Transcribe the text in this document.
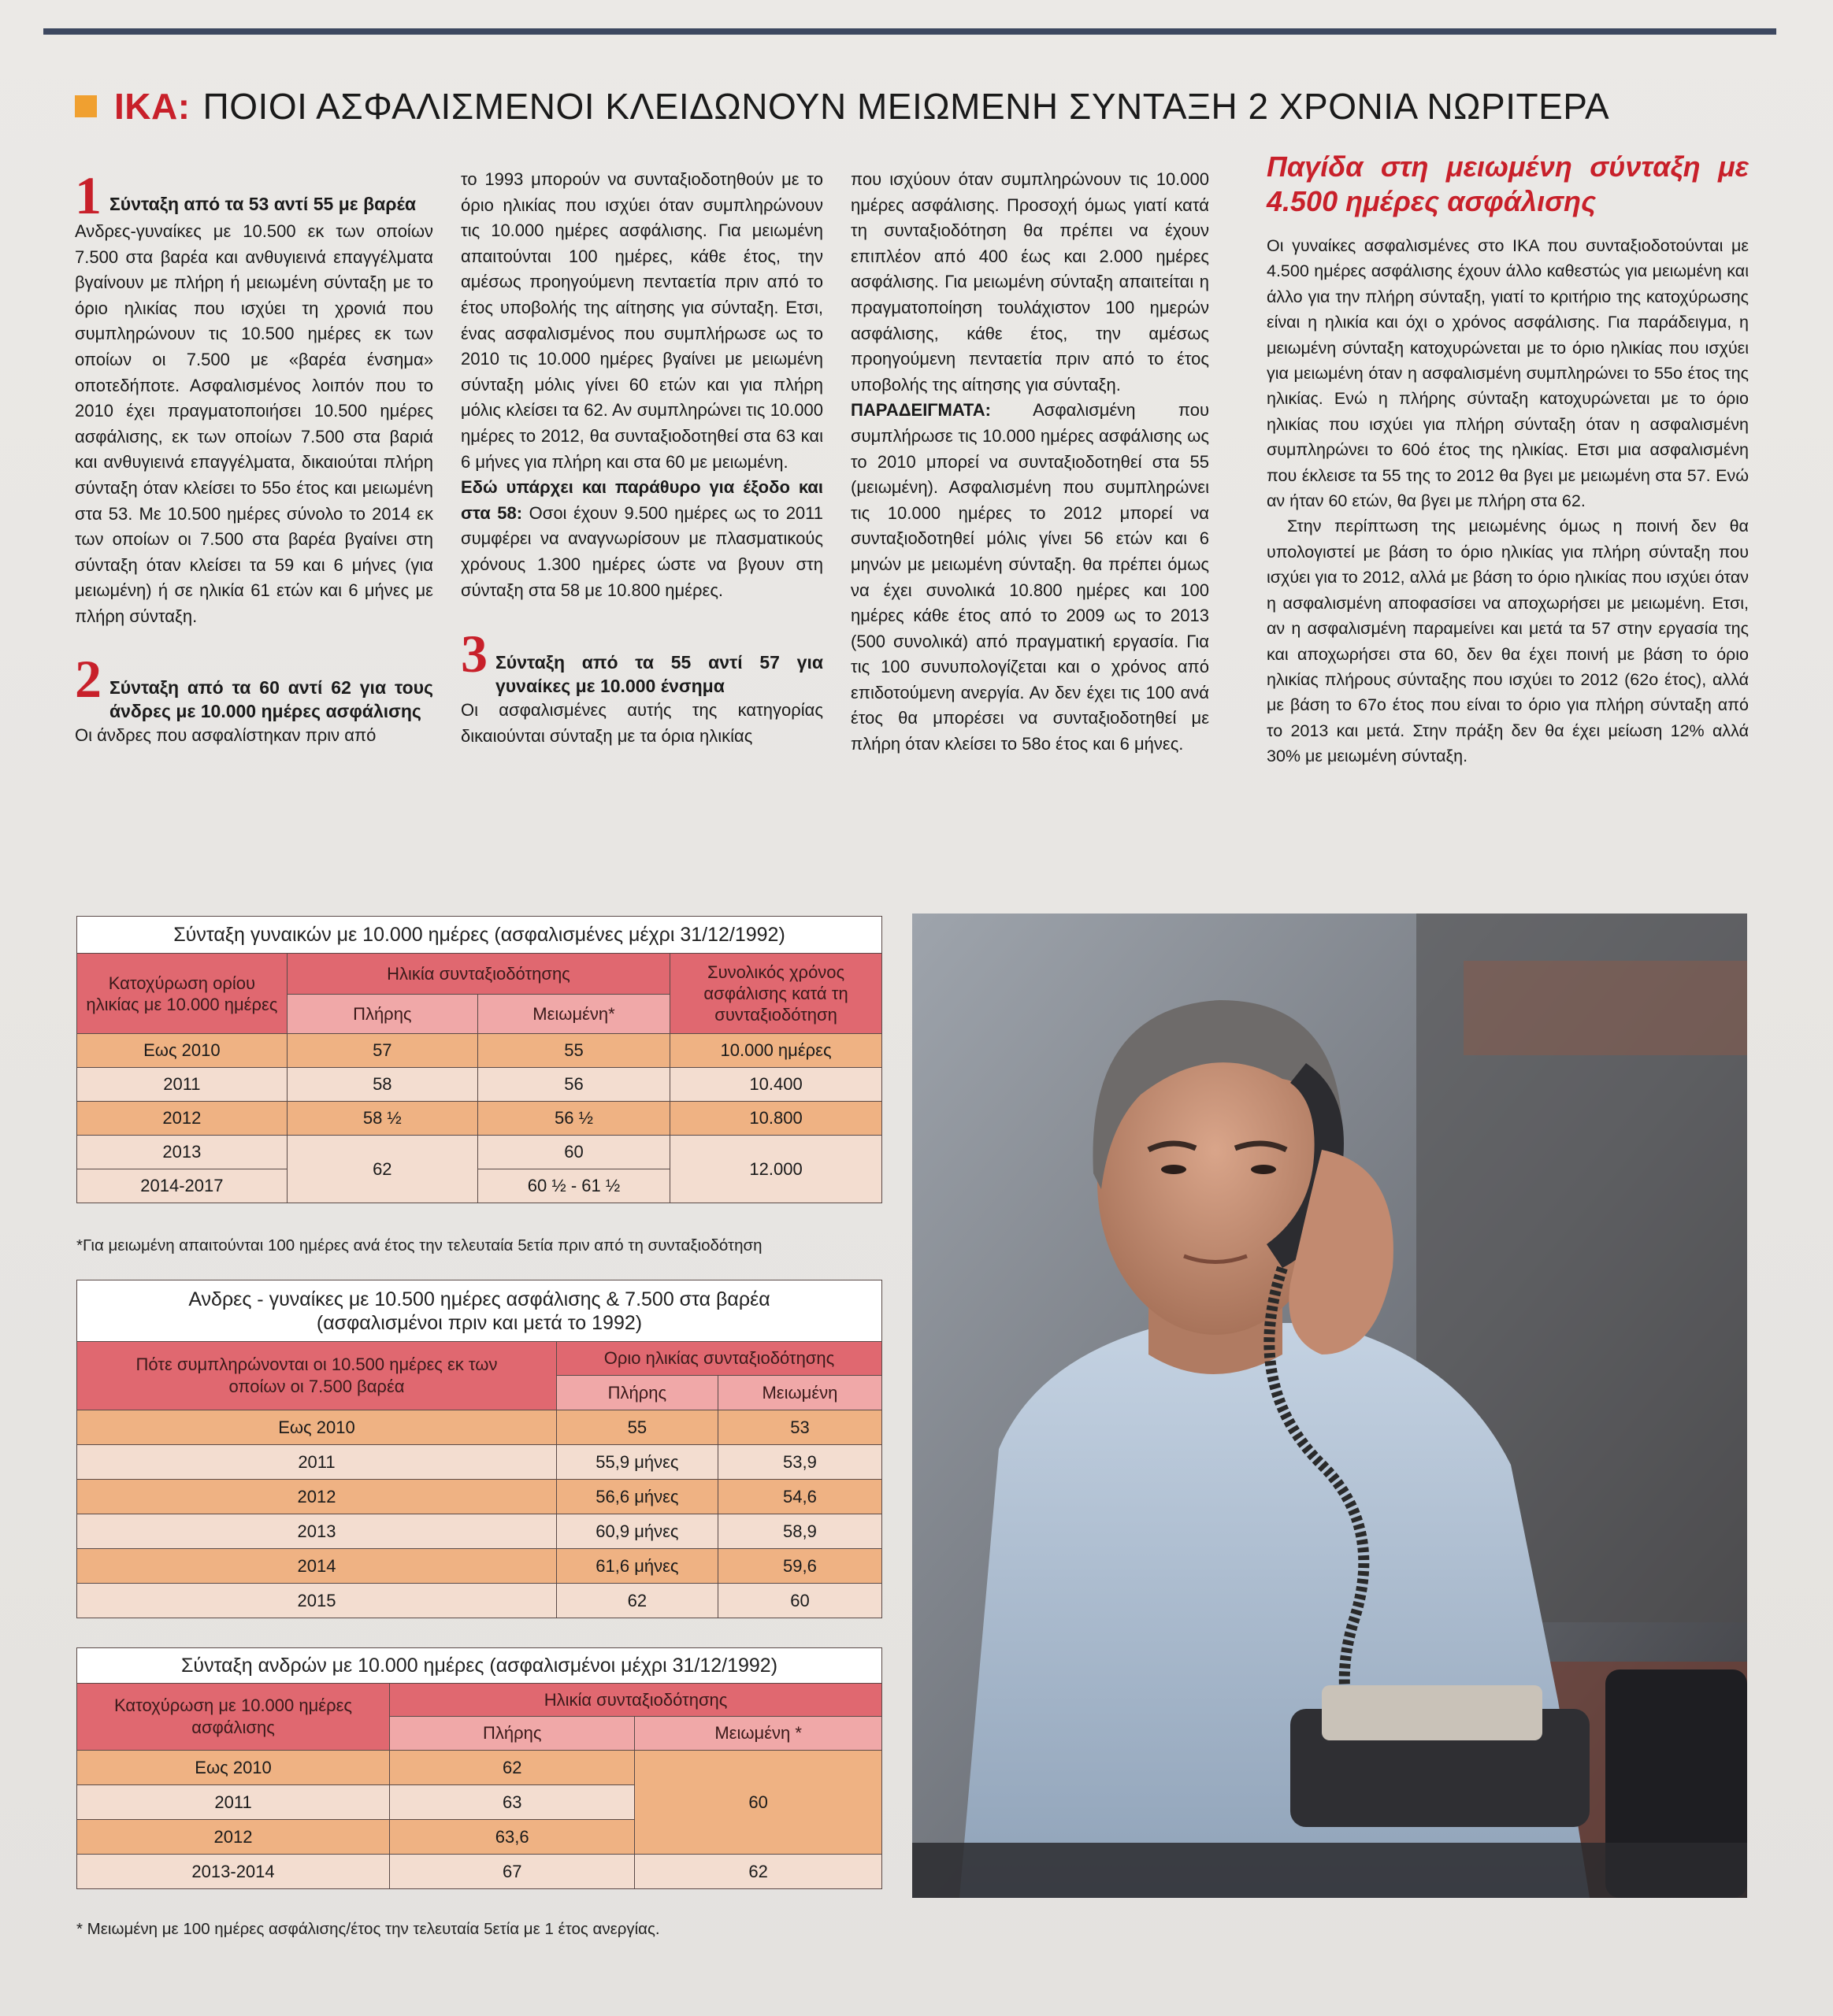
ΙΚΑ: ΠΟΙΟΙ ΑΣΦΑΛΙΣΜΕΝΟΙ ΚΛΕΙΔΩΝΟΥΝ ΜΕΙΩΜΕΝΗ ΣΥΝΤΑΞΗ 2 ΧΡΟΝΙΑ ΝΩΡΙΤΕΡΑ
1 Σύνταξη από τα 53 αντί 55 με βαρέα

Ανδρες-γυναίκες με 10.500 εκ των οποίων 7.500 στα βαρέα και ανθυγιεινά επαγγέλματα βγαίνουν με πλήρη ή μειωμένη σύνταξη με το όριο ηλικίας που ισχύει τη χρονιά που συμπληρώνουν τις 10.500 ημέρες εκ των οποίων οι 7.500 με «βαρέα ένσημα» οποτεδήποτε. Ασφαλισμένος λοιπόν που το 2010 έχει πραγματοποιήσει 10.500 ημέρες ασφάλισης, εκ των οποίων 7.500 στα βαριά και ανθυγιεινά επαγγέλματα, δικαιούται πλήρη σύνταξη όταν κλείσει το 55ο έτος και μειωμένη στα 53. Με 10.500 ημέρες σύνολο το 2014 εκ των οποίων οι 7.500 στα βαρέα βγαίνει στη σύνταξη όταν κλείσει τα 59 και 6 μήνες (για μειωμένη) ή σε ηλικία 61 ετών και 6 μήνες με πλήρη σύνταξη.

2 Σύνταξη από τα 60 αντί 62 για τους άνδρες με 10.000 ημέρες ασφάλισης

Οι άνδρες που ασφαλίστηκαν πριν από

το 1993 μπορούν να συνταξιοδοτηθούν με το όριο ηλικίας που ισχύει όταν συμπληρώνουν τις 10.000 ημέρες ασφάλισης. Για μειωμένη απαιτούνται 100 ημέρες, κάθε έτος, την αμέσως προηγούμενη πενταετία πριν από το έτος υποβολής της αίτησης για σύνταξη. Ετσι, ένας ασφαλισμένος που συμπλήρωσε ως το 2010 τις 10.000 ημέρες βγαίνει με μειωμένη σύνταξη μόλις γίνει 60 ετών και για πλήρη μόλις κλείσει τα 62. Αν συμπληρώνει τις 10.000 ημέρες το 2012, θα συνταξιοδοτηθεί στα 63 και 6 μήνες για πλήρη και στα 60 με μειωμένη.

Εδώ υπάρχει και παράθυρο για έξοδο και στα 58: Οσοι έχουν 9.500 ημέρες ως το 2011 συμφέρει να αναγνωρίσουν με πλασματικούς χρόνους 1.300 ημέρες ώστε να βγουν στη σύνταξη στα 58 με 10.800 ημέρες.

3 Σύνταξη από τα 55 αντί 57 για γυναίκες με 10.000 ένσημα

Οι ασφαλισμένες αυτής της κατηγορίας δικαιούνται σύνταξη με τα όρια ηλικίας

που ισχύουν όταν συμπληρώνουν τις 10.000 ημέρες ασφάλισης. Προσοχή όμως γιατί κατά τη συνταξιοδότηση θα πρέπει να έχουν επιπλέον από 400 έως και 2.000 ημέρες ασφάλισης. Για μειωμένη σύνταξη απαιτείται η πραγματοποίηση τουλάχιστον 100 ημερών ασφάλισης, κάθε έτος, την αμέσως προηγούμενη πενταετία πριν από το έτος υποβολής της αίτησης για σύνταξη.

ΠΑΡΑΔΕΙΓΜΑΤΑ: Ασφαλισμένη που συμπλήρωσε τις 10.000 ημέρες ασφάλισης ως το 2010 μπορεί να συνταξιοδοτηθεί στα 55 (μειωμένη). Ασφαλισμένη που συμπληρώνει τις 10.000 ημέρες το 2012 μπορεί να συνταξιοδοτηθεί μόλις γίνει 56 ετών και 6 μηνών με μειωμένη σύνταξη. θα πρέπει όμως να έχει συνολικά 10.800 ημέρες και 100 ημέρες κάθε έτος από το 2009 ως το 2013 (500 συνολικά) από πραγματική εργασία. Για τις 100 συνυπολογίζεται και ο χρόνος από επιδοτούμενη ανεργία. Αν δεν έχει τις 100 ανά έτος θα μπορέσει να συνταξιοδοτηθεί με πλήρη όταν κλείσει το 58ο έτος και 6 μήνες.

Παγίδα στη μειωμένη σύνταξη με 4.500 ημέρες ασφάλισης

Οι γυναίκες ασφαλισμένες στο ΙΚΑ που συνταξιοδοτούνται με 4.500 ημέρες ασφάλισης έχουν άλλο καθεστώς για μειωμένη και άλλο για την πλήρη σύνταξη, γιατί το κριτήριο της κατοχύρωσης είναι η ηλικία και όχι ο χρόνος ασφάλισης. Για παράδειγμα, η μειωμένη σύνταξη κατοχυρώνεται με το όριο ηλικίας που ισχύει για μειωμένη όταν η ασφαλισμένη συμπληρώνει το 55ο έτος της ηλικίας. Ενώ η πλήρης σύνταξη κατοχυρώνεται με το όριο ηλικίας που ισχύει για πλήρη σύνταξη όταν η ασφαλισμένη συμπληρώνει το 60ό έτος της ηλικίας. Ετσι μια ασφαλισμένη που έκλεισε τα 55 της το 2012 θα βγει με μειωμένη στα 57. Ενώ αν ήταν 60 ετών, θα βγει με πλήρη στα 62.

Στην περίπτωση της μειωμένης όμως η ποινή δεν θα υπολογιστεί με βάση το όριο ηλικίας για πλήρη σύνταξη που ισχύει για το 2012, αλλά με βάση το όριο ηλικίας που ισχύει όταν η ασφαλισμένη αποφασίσει να αποχωρήσει με μειωμένη. Ετσι, αν η ασφαλισμένη παραμείνει και μετά τα 57 στην εργασία της και αποχωρήσει στα 60, δεν θα έχει ποινή με βάση το όριο ηλικίας πλήρους σύνταξης που ισχύει το 2012 (62ο έτος), αλλά με βάση το 67ο έτος που είναι το όριο για πλήρη σύνταξη από το 2013 και μετά. Στην πράξη δεν θα έχει μείωση 12% αλλά 30% με μειωμένη σύνταξη.

Σύνταξη γυναικών με 10.000 ημέρες (ασφαλισμένες μέχρι 31/12/1992)			
Κατοχύρωση ορίου ηλικίας με 10.000 ημέρες	Ηλικία συνταξιοδότησης		Συνολικός χρόνος ασφάλισης κατά τη συνταξιοδότηση
	Πλήρης	Μειωμένη*	
Εως 2010	57	55	10.000 ημέρες
2011	58	56	10.400
2012	58 ½	56 ½	10.800
2013	62	60	12.000
2014-2017		60 ½ - 61 ½	
*Για μειωμένη απαιτούνται 100 ημέρες ανά έτος την τελευταία 5ετία πριν από τη συνταξιοδότηση
Ανδρες - γυναίκες με 10.500 ημέρες ασφάλισης & 7.500 στα βαρέα
(ασφαλισμένοι πριν και μετά το 1992)		

Πότε συμπληρώνονται οι 10.500 ημέρες εκ των οποίων οι 7.500 βαρέα	Οριο ηλικίας συνταξιοδότησης	
	Πλήρης	Μειωμένη
Εως 2010	55	53
2011	55,9 μήνες	53,9
2012	56,6 μήνες	54,6
2013	60,9 μήνες	58,9
2014	61,6 μήνες	59,6
2015	62	60
Σύνταξη ανδρών με 10.000 ημέρες (ασφαλισμένοι μέχρι 31/12/1992)		
Κατοχύρωση με 10.000 ημέρες ασφάλισης	Ηλικία συνταξιοδότησης	
	Πλήρης	Μειωμένη *
Εως 2010	62	60
2011	63	
2012	63,6	
2013-2014	67	62
* Μειωμένη με 100 ημέρες ασφάλισης/έτος την τελευταία 5ετία με 1 έτος ανεργίας.
